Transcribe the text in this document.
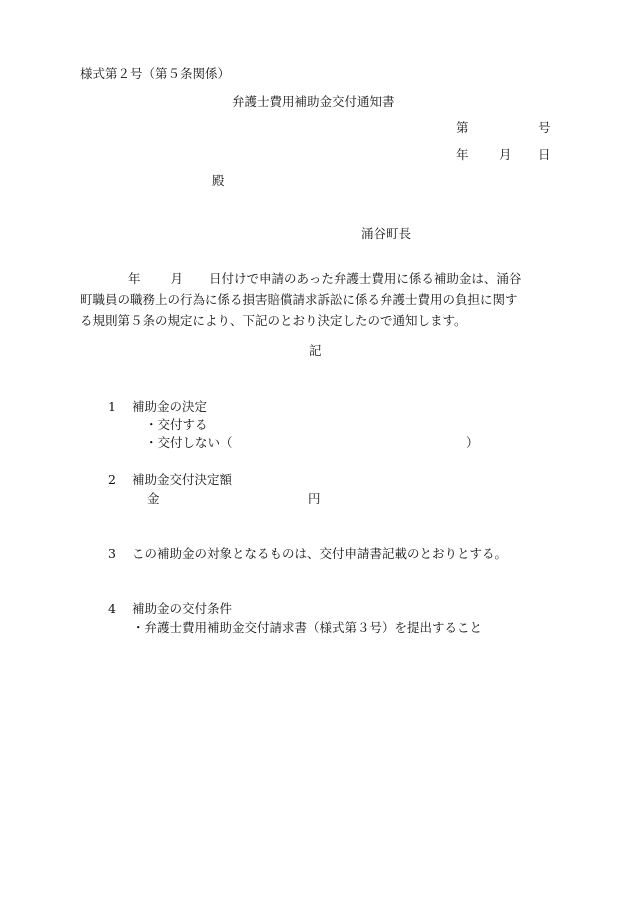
様式第２号（第５条関係）
弁護士費用補助金交付通知書
第	号
年 月 日
殿
涌谷町長
年 月 日付けで申請のあった弁護士費用に係る補助金は、涌谷
町職員の職務上の行為に係る損害賠償請求訴訟に係る弁護士費用の負担に関す
る規則第５条の規定により、下記のとおり決定したので通知します。
記
1 補助金の決定
・交付する
・交付しない（	）
2 補助金交付決定額
金	円
3 この補助金の対象となるものは、交付申請書記載のとおりとする。
4 補助金の交付条件
・弁護士費用補助金交付請求書（様式第３号）を提出すること
